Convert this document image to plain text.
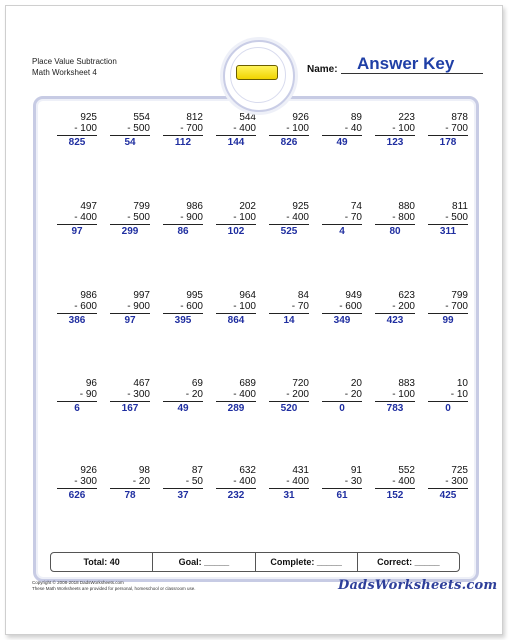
Place Value Subtraction
Math Worksheet 4	Name: Answer Key
925
- 100
825
554
- 500
54
812
- 700
112
544
- 400
144
926
- 100
826
89
- 40
49
223
- 100
123
878
- 700
178
497
- 400
97
799
- 500
299
986
- 900
86
202
- 100
102
925
- 400
525
74
- 70
4
880
- 800
80
811
- 500
311
986
- 600
386
997
- 900
97
995
- 600
395
964
- 100
864
84
- 70
14
949
- 600
349
623
- 200
423
799
- 700
99
96
- 90
6
467
- 300
167
69
- 20
49
689
- 400
289
720
- 200
520
20
- 20
0
883
- 100
783
10
- 10
0
926
- 300
626
98
- 20
78
87
- 50
37
632
- 400
232
431
- 400
31
91
- 30
61
552
- 400
152
725
- 300
425
Total: 40	Goal: _____	Complete: _____	Correct: _____
Copyright © 2008-2018 DadsWorksheets.com
These Math Worksheets are provided for personal, homeschool or classroom use.	DadsWorksheets.com
